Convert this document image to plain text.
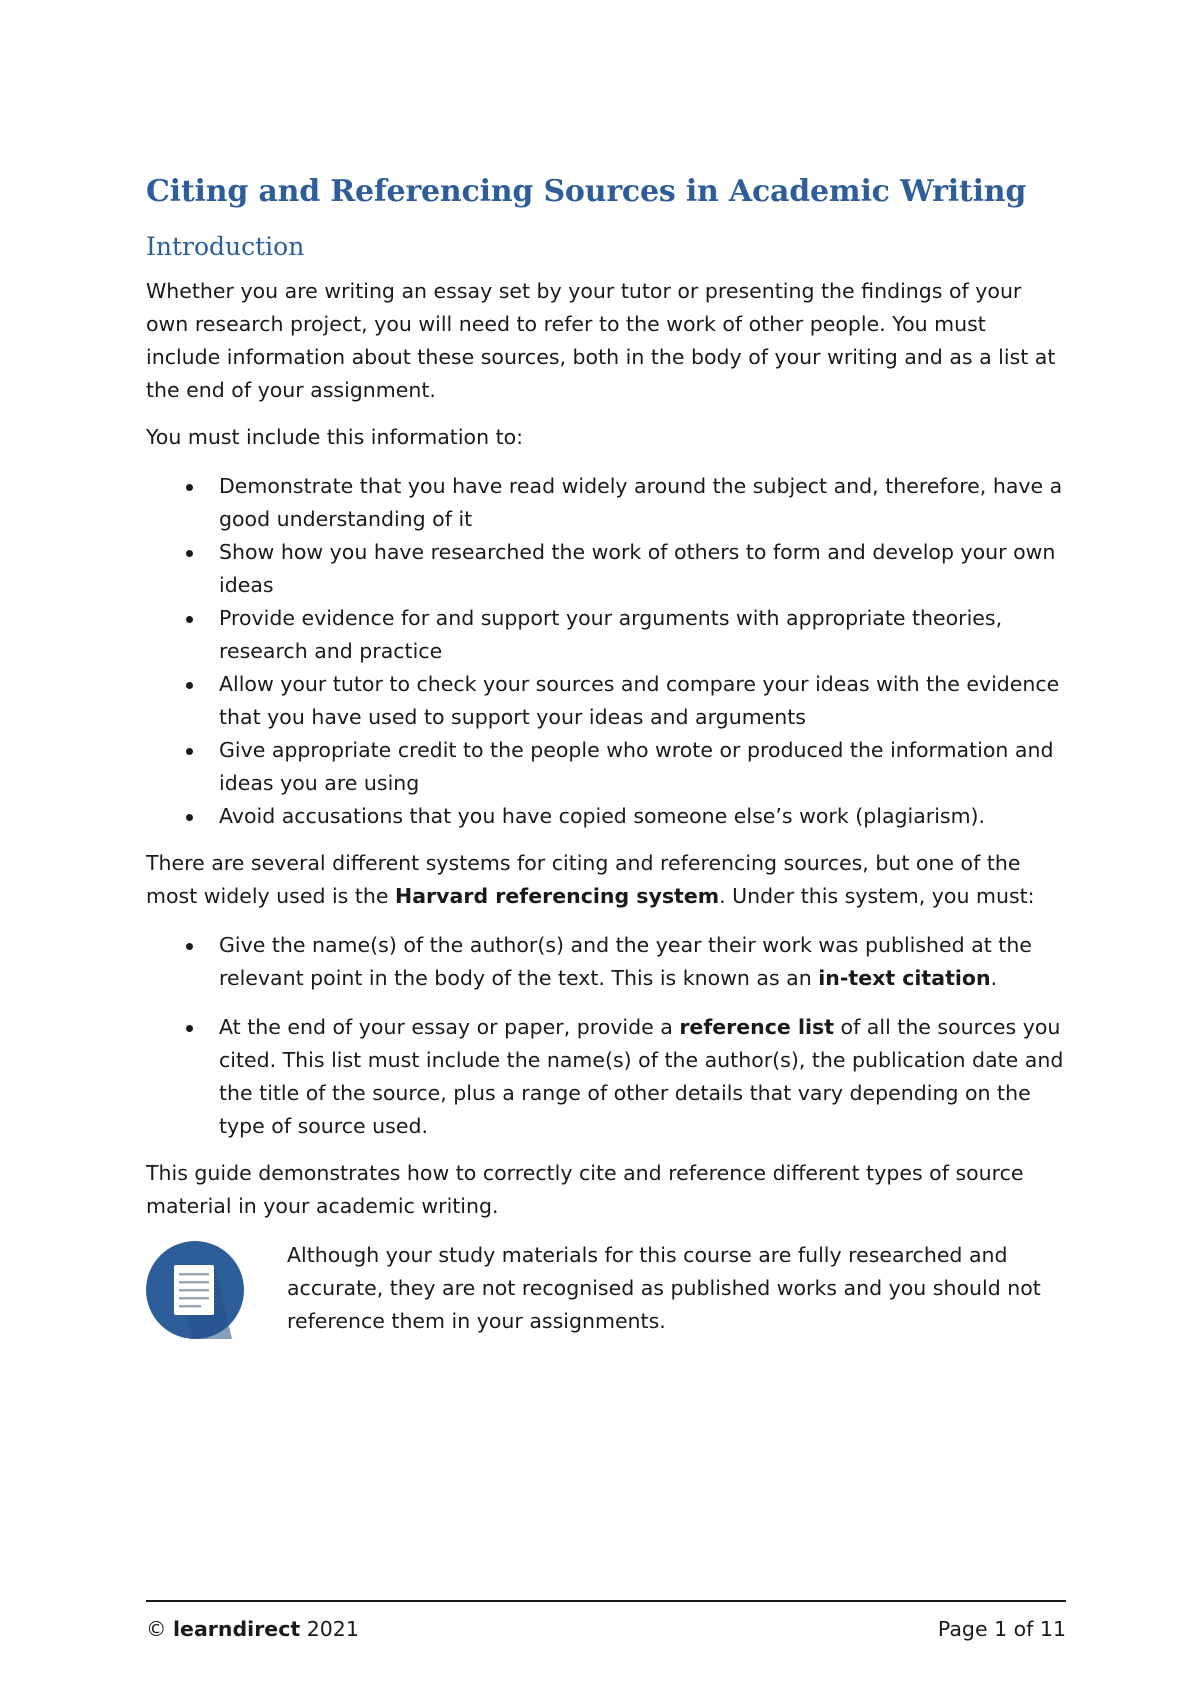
Citing and Referencing Sources in Academic Writing
Introduction

Whether you are writing an essay set by your tutor or presenting the findings of your own research project, you will need to refer to the work of other people. You must include information about these sources, both in the body of your writing and as a list at the end of your assignment.

You must include this information to:

Demonstrate that you have read widely around the subject and, therefore, have a good understanding of it
Show how you have researched the work of others to form and develop your own ideas
Provide evidence for and support your arguments with appropriate theories, research and practice
Allow your tutor to check your sources and compare your ideas with the evidence that you have used to support your ideas and arguments
Give appropriate credit to the people who wrote or produced the information and ideas you are using
Avoid accusations that you have copied someone else’s work (plagiarism).

There are several different systems for citing and referencing sources, but one of the most widely used is the Harvard referencing system. Under this system, you must:

Give the name(s) of the author(s) and the year their work was published at the relevant point in the body of the text. This is known as an in-text citation.
At the end of your essay or paper, provide a reference list of all the sources you cited. This list must include the name(s) of the author(s), the publication date and the title of the source, plus a range of other details that vary depending on the type of source used.

This guide demonstrates how to correctly cite and reference different types of source material in your academic writing.

Although your study materials for this course are fully researched and accurate, they are not recognised as published works and you should not reference them in your assignments.
© learndirect 2021	Page 1 of 11
